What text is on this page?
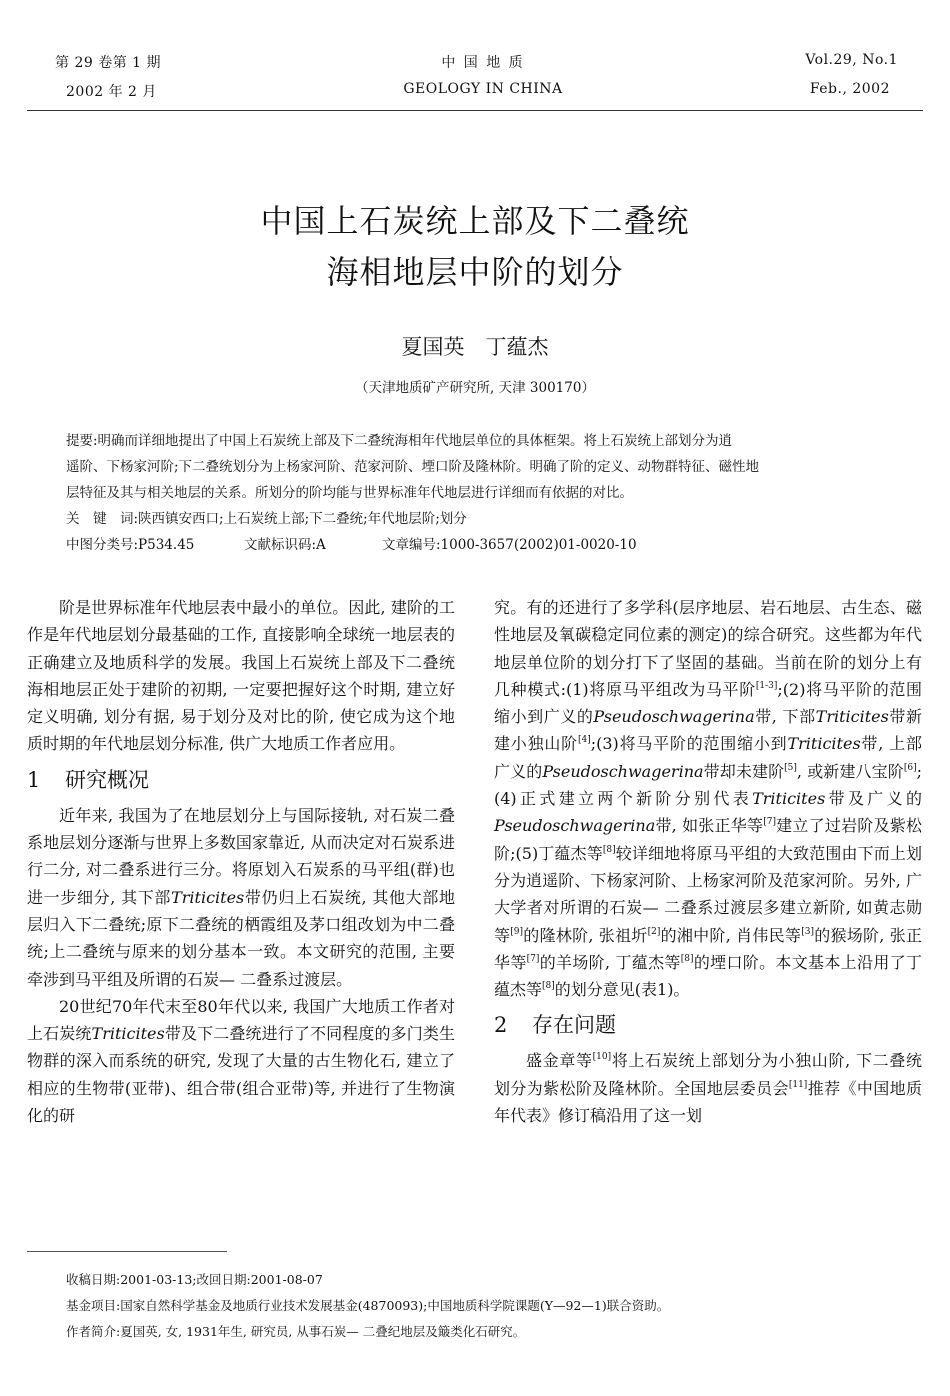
第 29 卷第 1 期
2002 年 2 月
中 国 地 质
GEOLOGY IN CHINA
Vol.29, No.1
Feb., 2002
中国上石炭统上部及下二叠统
海相地层中阶的划分
夏国英　丁蕴杰
（天津地质矿产研究所, 天津 300170）

提要:明确而详细地提出了中国上石炭统上部及下二叠统海相年代地层单位的具体框架。将上石炭统上部划分为逍

遥阶、下杨家河阶;下二叠统划分为上杨家河阶、范家河阶、堙口阶及隆林阶。明确了阶的定义、动物群特征、磁性地

层特征及其与相关地层的关系。所划分的阶均能与世界标准年代地层进行详细而有依据的对比。

关　键　词:陕西镇安西口;上石炭统上部;下二叠统;年代地层阶;划分

中图分类号:P534.45	文献标识码:A	文章编号:1000-3657(2002)01-0020-10

阶是世界标准年代地层表中最小的单位。因此, 建阶的工作是年代地层划分最基础的工作, 直接影响全球统一地层表的正确建立及地质科学的发展。我国上石炭统上部及下二叠统海相地层正处于建阶的初期, 一定要把握好这个时期, 建立好定义明确, 划分有据, 易于划分及对比的阶, 使它成为这个地质时期的年代地层划分标准, 供广大地质工作者应用。

1 研究概况

近年来, 我国为了在地层划分上与国际接轨, 对石炭二叠系地层划分逐渐与世界上多数国家靠近, 从而决定对石炭系进行二分, 对二叠系进行三分。将原划入石炭系的马平组(群)也进一步细分, 其下部Triticites带仍归上石炭统, 其他大部地层归入下二叠统;原下二叠统的栖霞组及茅口组改划为中二叠统;上二叠统与原来的划分基本一致。本文研究的范围, 主要牵涉到马平组及所谓的石炭— 二叠系过渡层。

20世纪70年代末至80年代以来, 我国广大地质工作者对上石炭统Triticites带及下二叠统进行了不同程度的多门类生物群的深入而系统的研究, 发现了大量的古生物化石, 建立了相应的生物带(亚带)、组合带(组合亚带)等, 并进行了生物演化的研

究。有的还进行了多学科(层序地层、岩石地层、古生态、磁性地层及氧碳稳定同位素的测定)的综合研究。这些都为年代地层单位阶的划分打下了坚固的基础。当前在阶的划分上有几种模式:(1)将原马平组改为马平阶[1-3];(2)将马平阶的范围缩小到广义的Pseudoschwagerina带, 下部Triticites带新建小独山阶[4];(3)将马平阶的范围缩小到Triticites带, 上部广义的Pseudoschwagerina带却未建阶[5], 或新建八宝阶[6];(4)正式建立两个新阶分别代表Triticites带及广义的Pseudoschwagerina带, 如张正华等[7]建立了过岩阶及紫松阶;(5)丁蕴杰等[8]较详细地将原马平组的大致范围由下而上划分为逍遥阶、下杨家河阶、上杨家河阶及范家河阶。另外, 广大学者对所谓的石炭— 二叠系过渡层多建立新阶, 如黄志勋等[9]的隆林阶, 张祖圻[2]的湘中阶, 肖伟民等[3]的猴场阶, 张正华等[7]的羊场阶, 丁蕴杰等[8]的堙口阶。本文基本上沿用了丁蕴杰等[8]的划分意见(表1)。

2 存在问题

盛金章等[10]将上石炭统上部划分为小独山阶, 下二叠统划分为紫松阶及隆林阶。全国地层委员会[11]推荐《中国地质年代表》修订稿沿用了这一划

收稿日期:2001-03-13;改回日期:2001-08-07
基金项目:国家自然科学基金及地质行业技术发展基金(4870093);中国地质科学院课题(Y—92—1)联合资助。
作者简介:夏国英, 女, 1931年生, 研究员, 从事石炭— 二叠纪地层及簸类化石研究。
